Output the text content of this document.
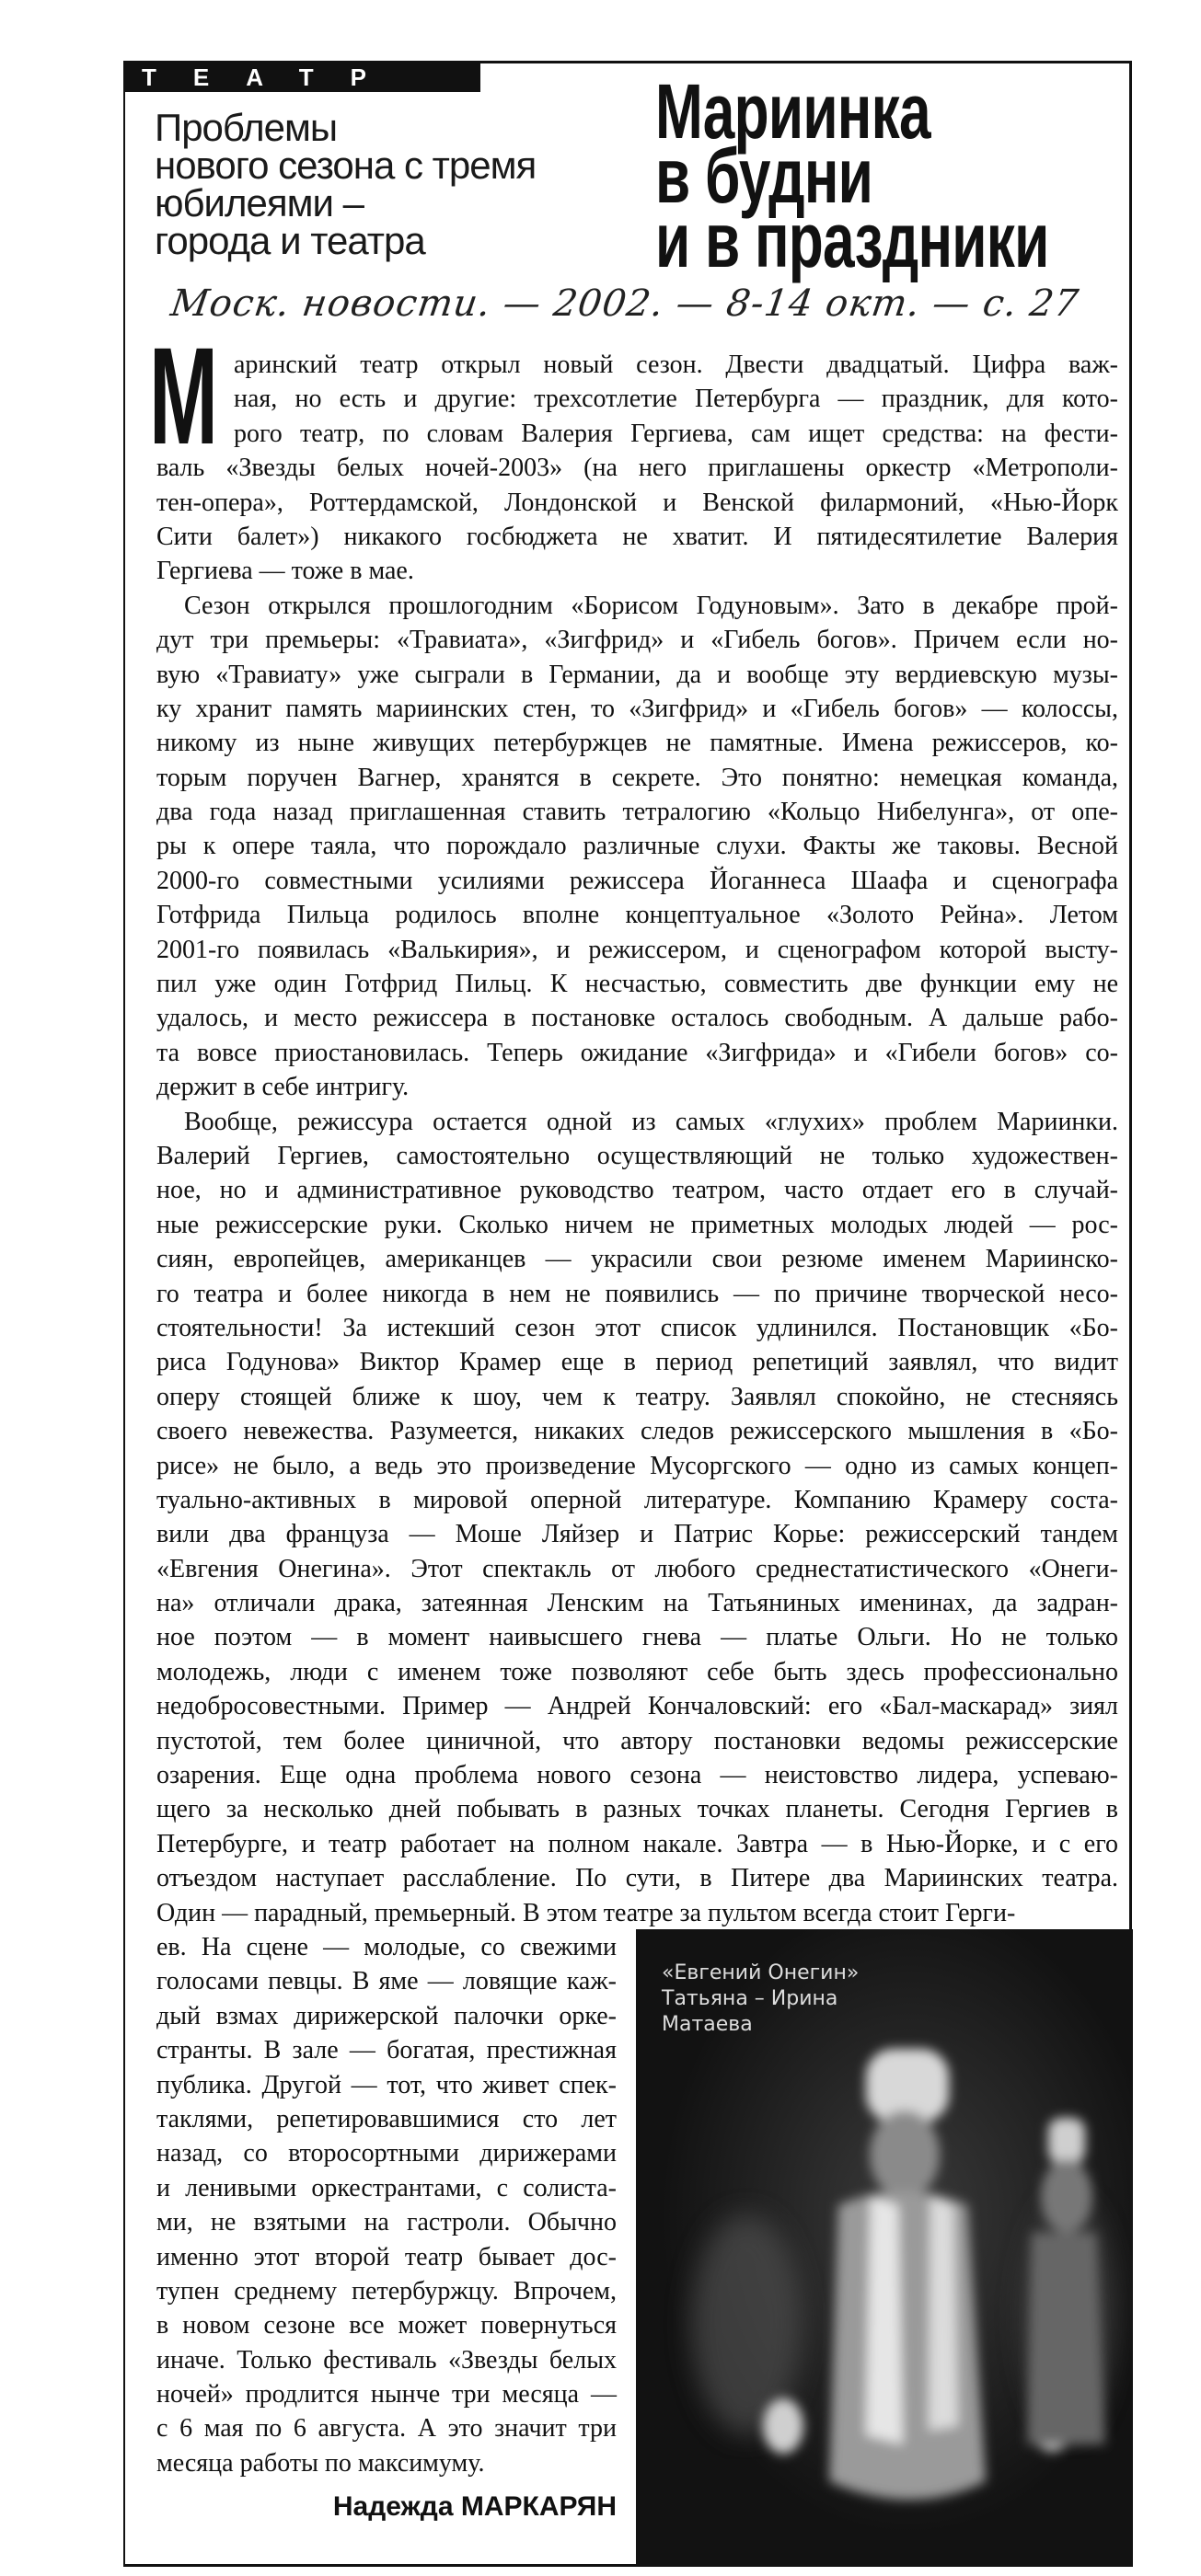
ТЕАТР
Проблемы
нового сезона с тремя
юбилеями –
города и театра
Мариинка
в будни
и в праздники
Моск. новости. — 2002. — 8-14 окт. — с. 27
М аринский театр открыл новый сезон. Двести двадцатый. Цифра важ-
ная, но есть и другие: трехсотлетие Петербурга — праздник, для кото-
рого театр, по словам Валерия Гергиева, сам ищет средства: на фести-
валь «Звезды белых ночей-2003» (на него приглашены оркестр «Метрополи-
тен-опера», Роттердамской, Лондонской и Венской филармоний, «Нью-Йорк
Сити балет») никакого госбюджета не хватит. И пятидесятилетие Валерия
Гергиева — тоже в мае.
Сезон открылся прошлогодним «Борисом Годуновым». Зато в декабре прой-
дут три премьеры: «Травиата», «Зигфрид» и «Гибель богов». Причем если но-
вую «Травиату» уже сыграли в Германии, да и вообще эту вердиевскую музы-
ку хранит память мариинских стен, то «Зигфрид» и «Гибель богов» — колоссы,
никому из ныне живущих петербуржцев не памятные. Имена режиссеров, ко-
торым поручен Вагнер, хранятся в секрете. Это понятно: немецкая команда,
два года назад приглашенная ставить тетралогию «Кольцо Нибелунга», от опе-
ры к опере таяла, что порождало различные слухи. Факты же таковы. Весной
2000-го совместными усилиями режиссера Йоганнеса Шаафа и сценографа
Готфрида Пильца родилось вполне концептуальное «Золото Рейна». Летом
2001-го появилась «Валькирия», и режиссером, и сценографом которой высту-
пил уже один Готфрид Пильц. К несчастью, совместить две функции ему не
удалось, и место режиссера в постановке осталось свободным. А дальше рабо-
та вовсе приостановилась. Теперь ожидание «Зигфрида» и «Гибели богов» со-
держит в себе интригу.
Вообще, режиссура остается одной из самых «глухих» проблем Мариинки.
Валерий Гергиев, самостоятельно осуществляющий не только художествен-
ное, но и административное руководство театром, часто отдает его в случай-
ные режиссерские руки. Сколько ничем не приметных молодых людей — рос-
сиян, европейцев, американцев — украсили свои резюме именем Мариинско-
го театра и более никогда в нем не появились — по причине творческой несо-
стоятельности! За истекший сезон этот список удлинился. Постановщик «Бо-
риса Годунова» Виктор Крамер еще в период репетиций заявлял, что видит
оперу стоящей ближе к шоу, чем к театру. Заявлял спокойно, не стесняясь
своего невежества. Разумеется, никаких следов режиссерского мышления в «Бо-
рисе» не было, а ведь это произведение Мусоргского — одно из самых концеп-
туально-активных в мировой оперной литературе. Компанию Крамеру соста-
вили два француза — Моше Ляйзер и Патрис Корье: режиссерский тандем
«Евгения Онегина». Этот спектакль от любого среднестатистического «Онеги-
на» отличали драка, затеянная Ленским на Татьяниных именинах, да задран-
ное поэтом — в момент наивысшего гнева — платье Ольги. Но не только
молодежь, люди с именем тоже позволяют себе быть здесь профессионально
недобросовестными. Пример — Андрей Кончаловский: его «Бал-маскарад» зиял
пустотой, тем более циничной, что автору постановки ведомы режиссерские
озарения. Еще одна проблема нового сезона — неистовство лидера, успеваю-
щего за несколько дней побывать в разных точках планеты. Сегодня Гергиев в
Петербурге, и театр работает на полном накале. Завтра — в Нью-Йорке, и с его
отъездом наступает расслабление. По сути, в Питере два Мариинских театра.
Один — парадный, премьерный. В этом театре за пультом всегда стоит Герги-
ев. На сцене — молодые, со свежими
голосами певцы. В яме — ловящие каж-
дый взмах дирижерской палочки орке-
странты. В зале — богатая, престижная
публика. Другой — тот, что живет спек-
таклями, репетировавшимися сто лет
назад, со второсортными дирижерами
и ленивыми оркестрантами, с солиста-
ми, не взятыми на гастроли. Обычно
именно этот второй театр бывает дос-
тупен среднему петербуржцу. Впрочем,
в новом сезоне все может повернуться
иначе. Только фестиваль «Звезды белых
ночей» продлится нынче три месяца —
с 6 мая по 6 августа. А это значит три
месяца работы по максимуму.
Надежда МАРКАРЯН
«Евгений Онегин»
Татьяна – Ирина
Матаева
